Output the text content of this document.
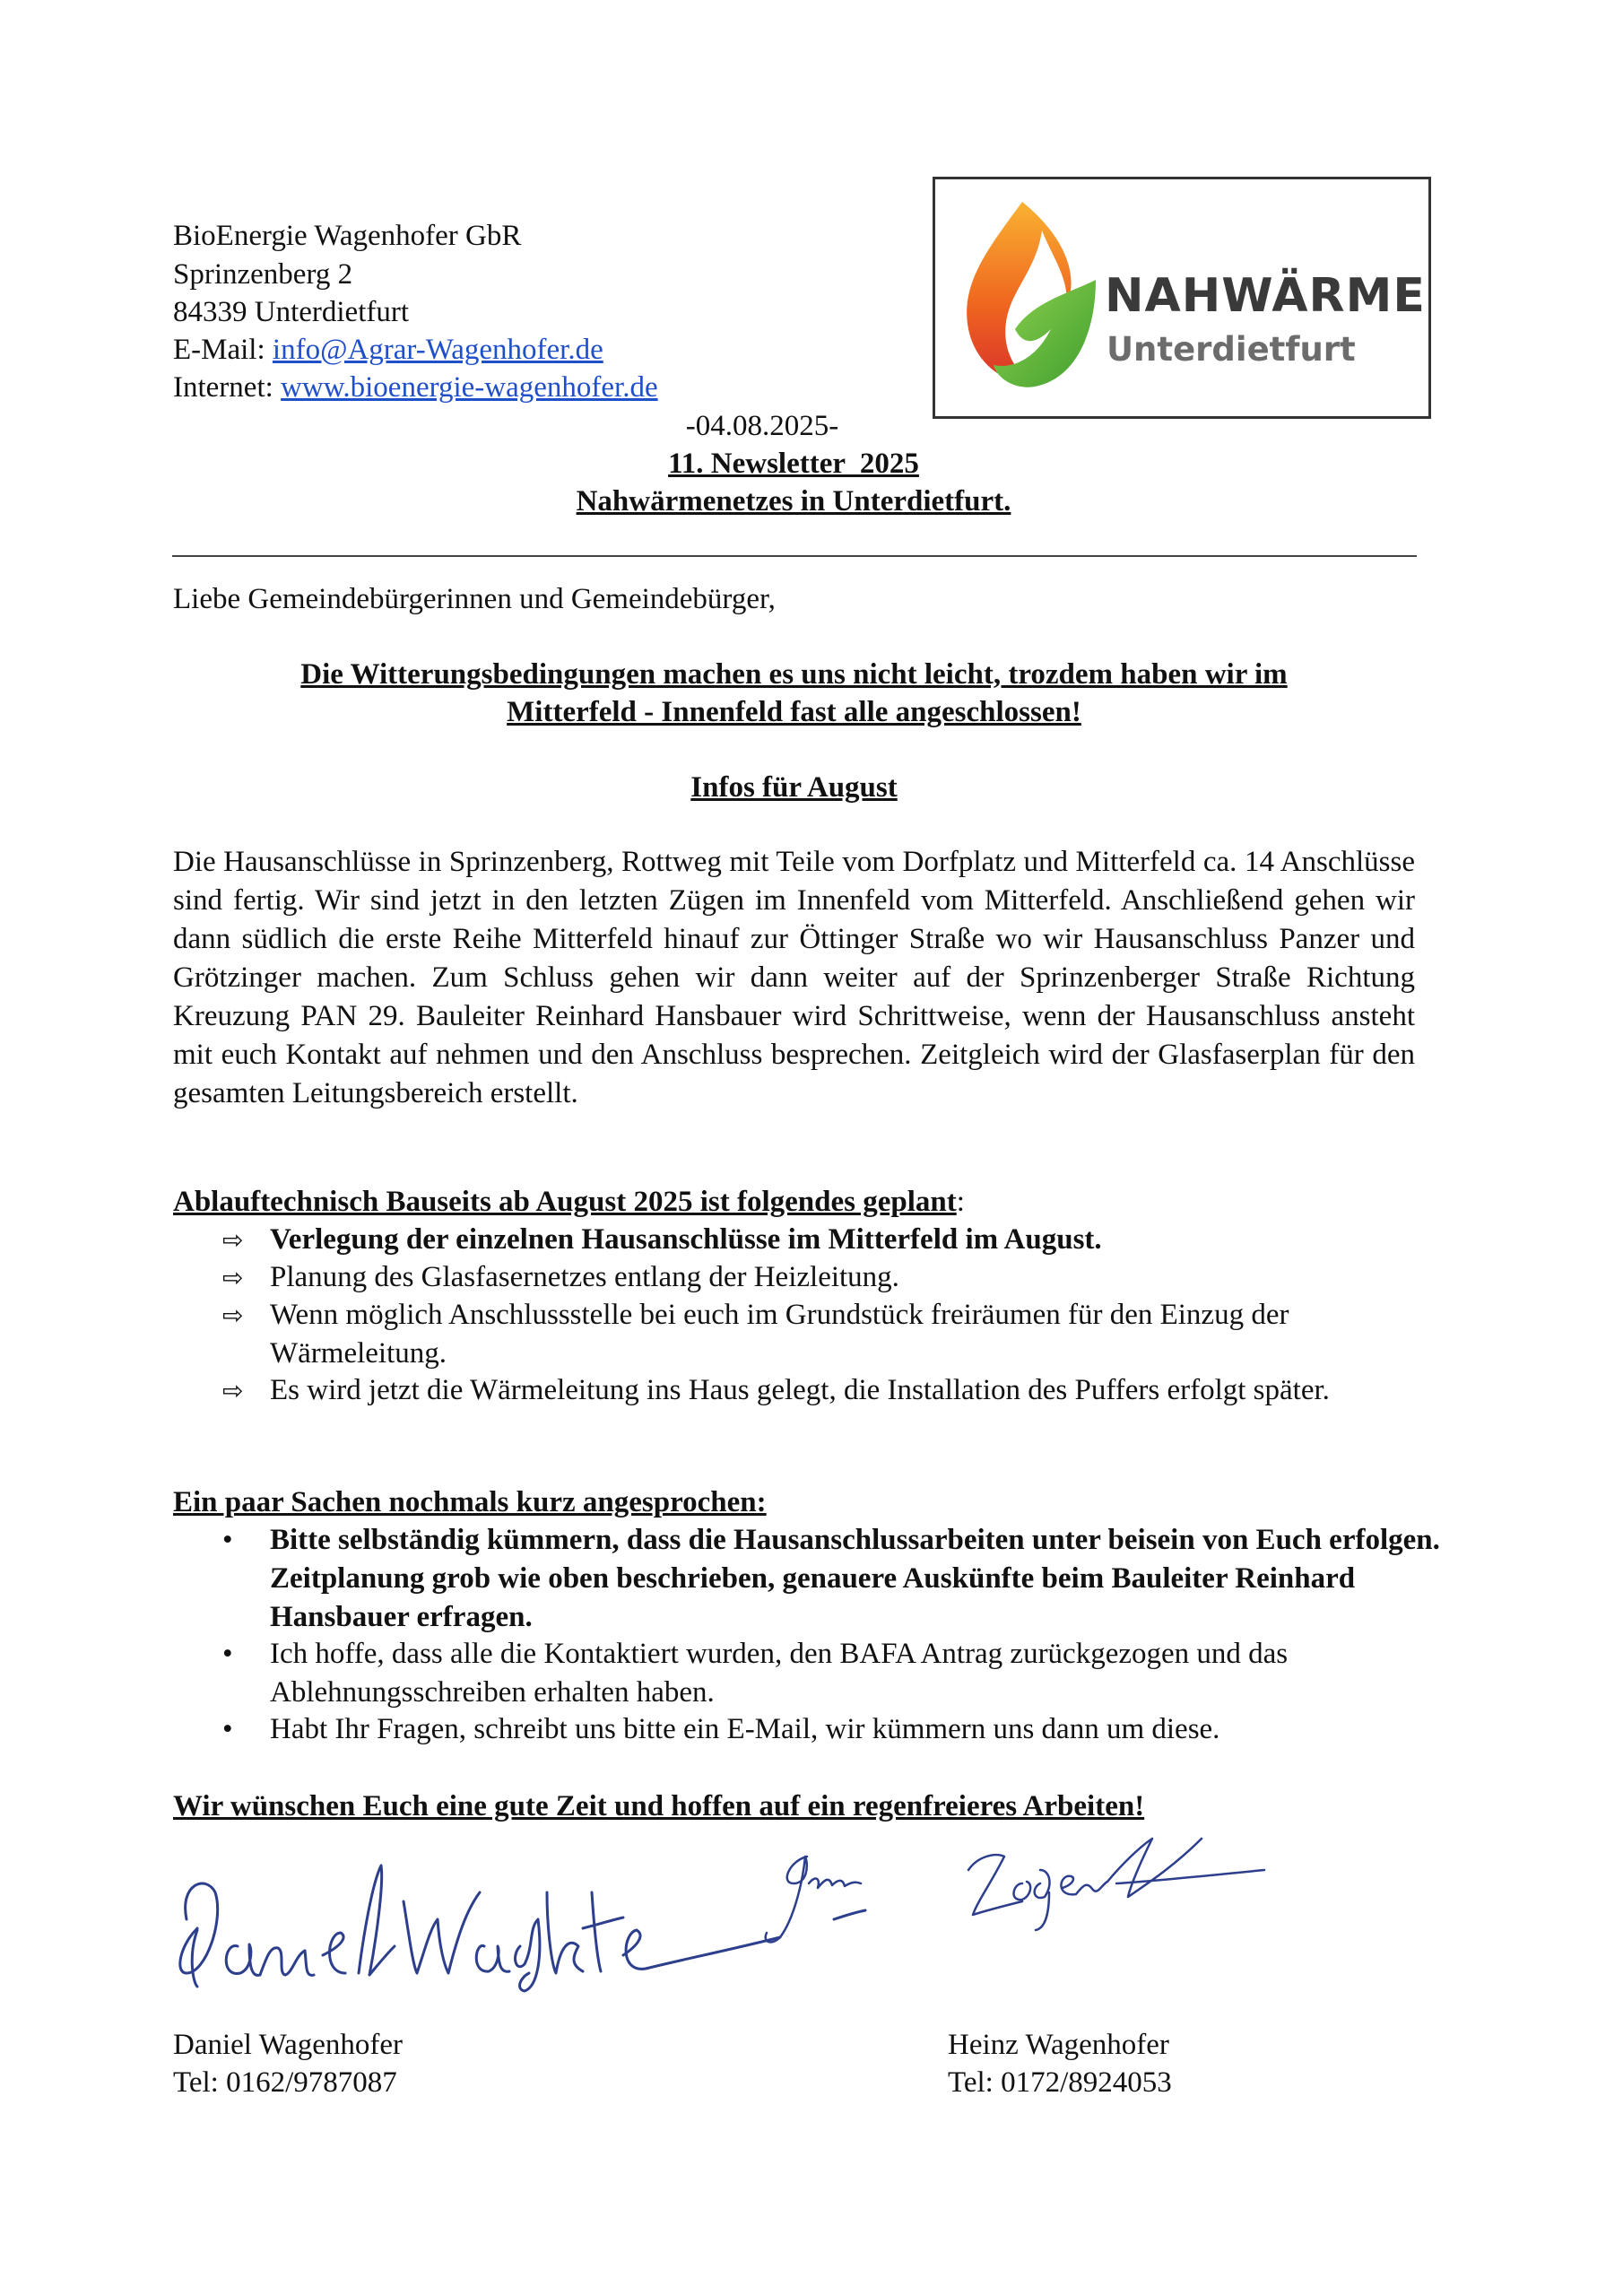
BioEnergie Wagenhofer GbR
Sprinzenberg 2
84339 Unterdietfurt
E-Mail: info@Agrar-Wagenhofer.de
Internet: www.bioenergie-wagenhofer.de
NAHWÄRME
Unterdietfurt
-04.08.2025-
11. Newsletter  2025
Nahwärmenetzes in Unterdietfurt.
Liebe Gemeindebürgerinnen und Gemeindebürger,
Die Witterungsbedingungen machen es uns nicht leicht, trozdem haben wir im
Mitterfeld - Innenfeld fast alle angeschlossen!
Infos für August
Die Hausanschlüsse in Sprinzenberg, Rottweg mit Teile vom Dorfplatz und Mitterfeld ca. 14 Anschlüsse sind fertig. Wir sind jetzt in den letzten Zügen im Innenfeld vom Mitterfeld. Anschließend gehen wir dann südlich die erste Reihe Mitterfeld hinauf zur Öttinger Straße wo wir Hausanschluss Panzer und Grötzinger machen. Zum Schluss gehen wir dann weiter auf der Sprinzenberger Straße Richtung Kreuzung PAN 29. Bauleiter Reinhard Hansbauer wird Schrittweise, wenn der Hausanschluss ansteht mit euch Kontakt auf nehmen und den Anschluss besprechen. Zeitgleich wird der Glasfaserplan für den gesamten Leitungsbereich erstellt.
Ablauftechnisch Bauseits ab August 2025 ist folgendes geplant:
⇨ Verlegung der einzelnen Hausanschlüsse im Mitterfeld im August.
⇨ Planung des Glasfasernetzes entlang der Heizleitung.
⇨ Wenn möglich Anschlussstelle bei euch im Grundstück freiräumen für den Einzug der Wärmeleitung.
⇨ Es wird jetzt die Wärmeleitung ins Haus gelegt, die Installation des Puffers erfolgt später.
Ein paar Sachen nochmals kurz angesprochen:
• Bitte selbständig kümmern, dass die Hausanschlussarbeiten unter beisein von Euch erfolgen. Zeitplanung grob wie oben beschrieben, genauere Auskünfte beim Bauleiter Reinhard Hansbauer erfragen.
• Ich hoffe, dass alle die Kontaktiert wurden, den BAFA Antrag zurückgezogen und das Ablehnungsschreiben erhalten haben.
• Habt Ihr Fragen, schreibt uns bitte ein E-Mail, wir kümmern uns dann um diese.
Wir wünschen Euch eine gute Zeit und hoffen auf ein regenfreieres Arbeiten!
Daniel Wagenhofer
Tel: 0162/9787087
Heinz Wagenhofer
Tel: 0172/8924053
